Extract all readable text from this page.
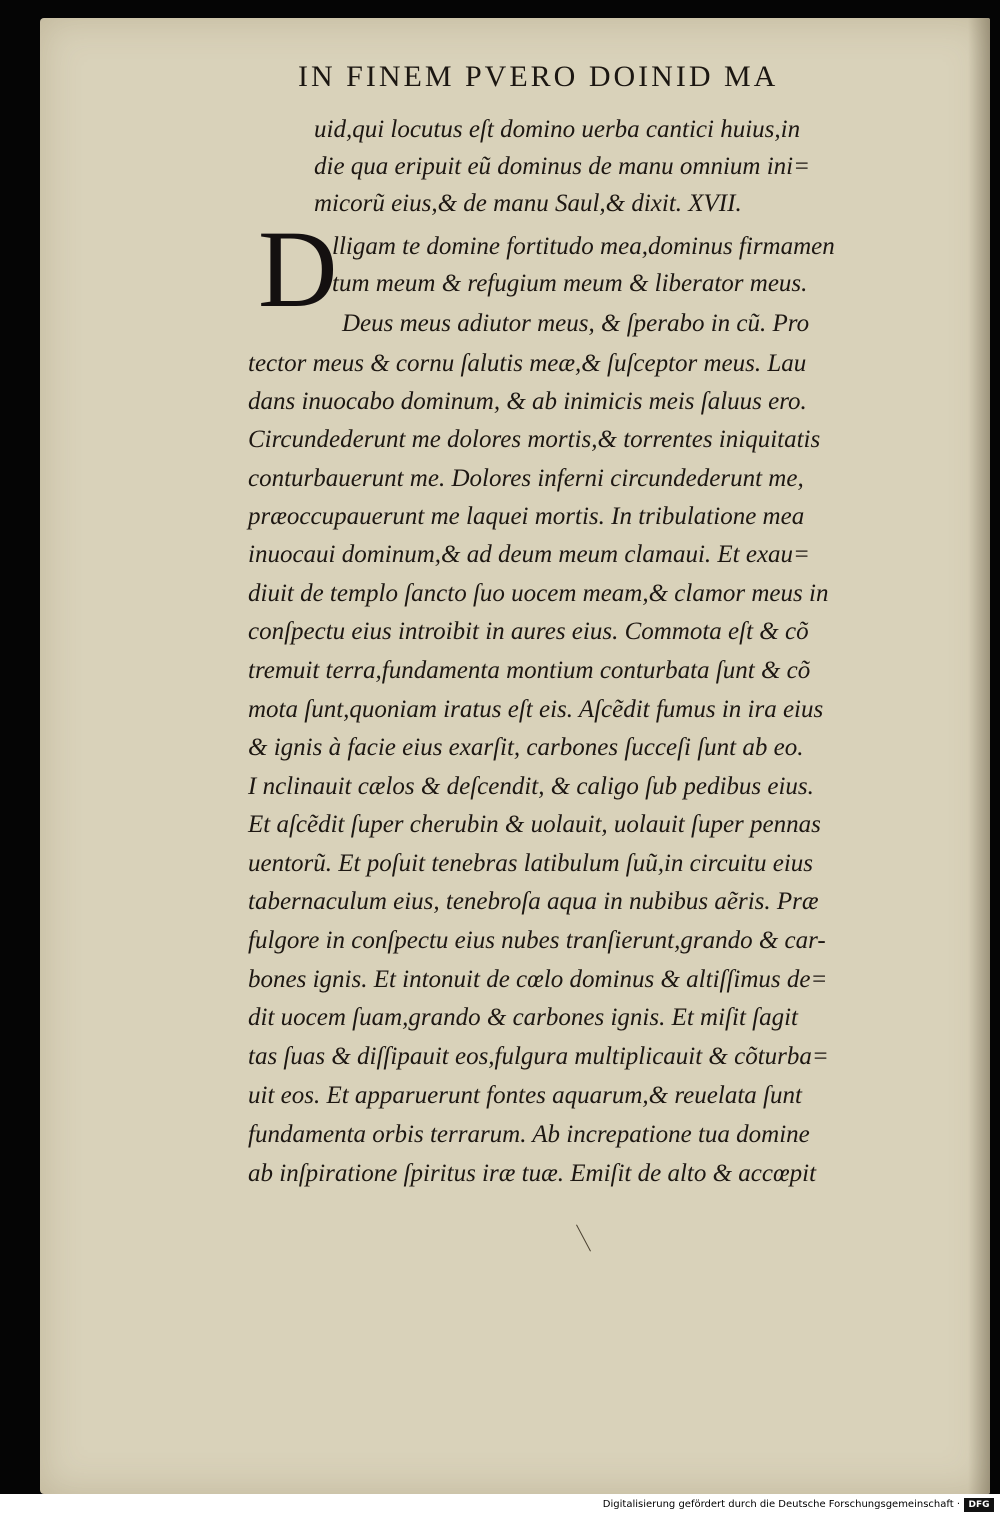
IN FINEM PVERO DOINID MA
D
uid,qui locutus eſt domino uerba cantici huius,in
die qua eripuit eũ dominus de manu omnium ini=
micorũ eius,& de manu Saul,& dixit. XVII.
lligam te domine fortitudo mea,dominus firmamen
tum meum & refugium meum & liberator meus.
Deus meus adiutor meus, & ſperabo in cũ. Pro
tector meus & cornu ſalutis meæ,& ſuſceptor meus. Lau
dans inuocabo dominum, & ab inimicis meis ſaluus ero.
Circundederunt me dolores mortis,& torrentes iniquitatis
conturbauerunt me. Dolores inferni circundederunt me,
præoccupauerunt me laquei mortis. In tribulatione mea
inuocaui dominum,& ad deum meum clamaui. Et exau=
diuit de templo ſancto ſuo uocem meam,& clamor meus in
conſpectu eius introibit in aures eius. Commota eſt & cõ
tremuit terra,fundamenta montium conturbata ſunt & cõ
mota ſunt,quoniam iratus eſt eis. Aſcẽdit fumus in ira eius
& ignis à facie eius exarſit, carbones ſucceſi ſunt ab eo.
I nclinauit cælos & deſcendit, & caligo ſub pedibus eius.
Et aſcẽdit ſuper cherubin & uolauit, uolauit ſuper pennas
uentorũ. Et poſuit tenebras latibulum ſuũ,in circuitu eius
tabernaculum eius, tenebroſa aqua in nubibus aẽris. Præ
fulgore in conſpectu eius nubes tranſierunt,grando & car-
bones ignis. Et intonuit de cœlo dominus & altiſſimus de=
dit uocem ſuam,grando & carbones ignis. Et miſit ſagit
tas ſuas & diſſipauit eos,fulgura multiplicauit & cõturba=
uit eos. Et apparuerunt fontes aquarum,& reuelata ſunt
fundamenta orbis terrarum. Ab increpatione tua domine
ab inſpiratione ſpiritus iræ tuæ. Emiſit de alto & accœpit
Digitalisierung gefördert durch die Deutsche Forschungsgemeinschaft · DFG
